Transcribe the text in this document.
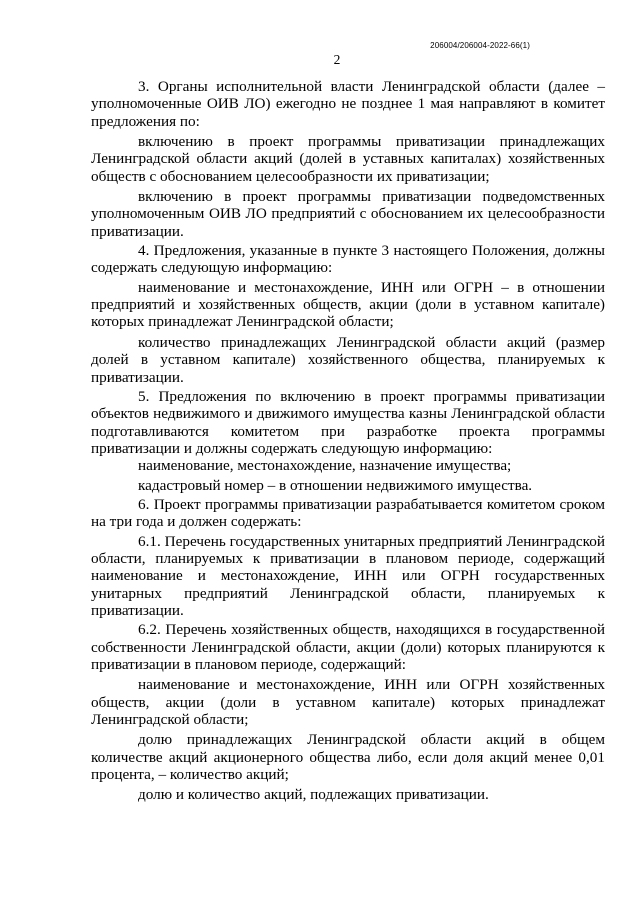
206004/206004-2022-66(1)
2

3. Органы исполнительной власти Ленинградской области (далее – уполномоченные ОИВ ЛО) ежегодно не позднее 1 мая направляют в комитет предложения по:

включению в проект программы приватизации принадлежащих Ленинградской области акций (долей в уставных капиталах) хозяйственных обществ с обоснованием целесообразности их приватизации;

включению в проект программы приватизации подведомственных уполномоченным ОИВ ЛО предприятий с обоснованием их целесообразности приватизации.

4. Предложения, указанные в пункте 3 настоящего Положения, должны содержать следующую информацию:

наименование и местонахождение, ИНН или ОГРН – в отношении предприятий и хозяйственных обществ, акции (доли в уставном капитале) которых принадлежат Ленинградской области;

количество принадлежащих Ленинградской области акций (размер долей в уставном капитале) хозяйственного общества, планируемых к приватизации.

5. Предложения по включению в проект программы приватизации объектов недвижимого и движимого имущества казны Ленинградской области подготавливаются комитетом при разработке проекта программы приватизации и должны содержать следующую информацию:

наименование, местонахождение, назначение имущества;

кадастровый номер – в отношении недвижимого имущества.

6. Проект программы приватизации разрабатывается комитетом сроком на три года и должен содержать:

6.1. Перечень государственных унитарных предприятий Ленинградской области, планируемых к приватизации в плановом периоде, содержащий наименование и местонахождение, ИНН или ОГРН государственных унитарных предприятий Ленинградской области, планируемых к приватизации.

6.2. Перечень хозяйственных обществ, находящихся в государственной собственности Ленинградской области, акции (доли) которых планируются к приватизации в плановом периоде, содержащий:

наименование и местонахождение, ИНН или ОГРН хозяйственных обществ, акции (доли в уставном капитале) которых принадлежат Ленинградской области;

долю принадлежащих Ленинградской области акций в общем количестве акций акционерного общества либо, если доля акций менее 0,01 процента, – количество акций;

долю и количество акций, подлежащих приватизации.
